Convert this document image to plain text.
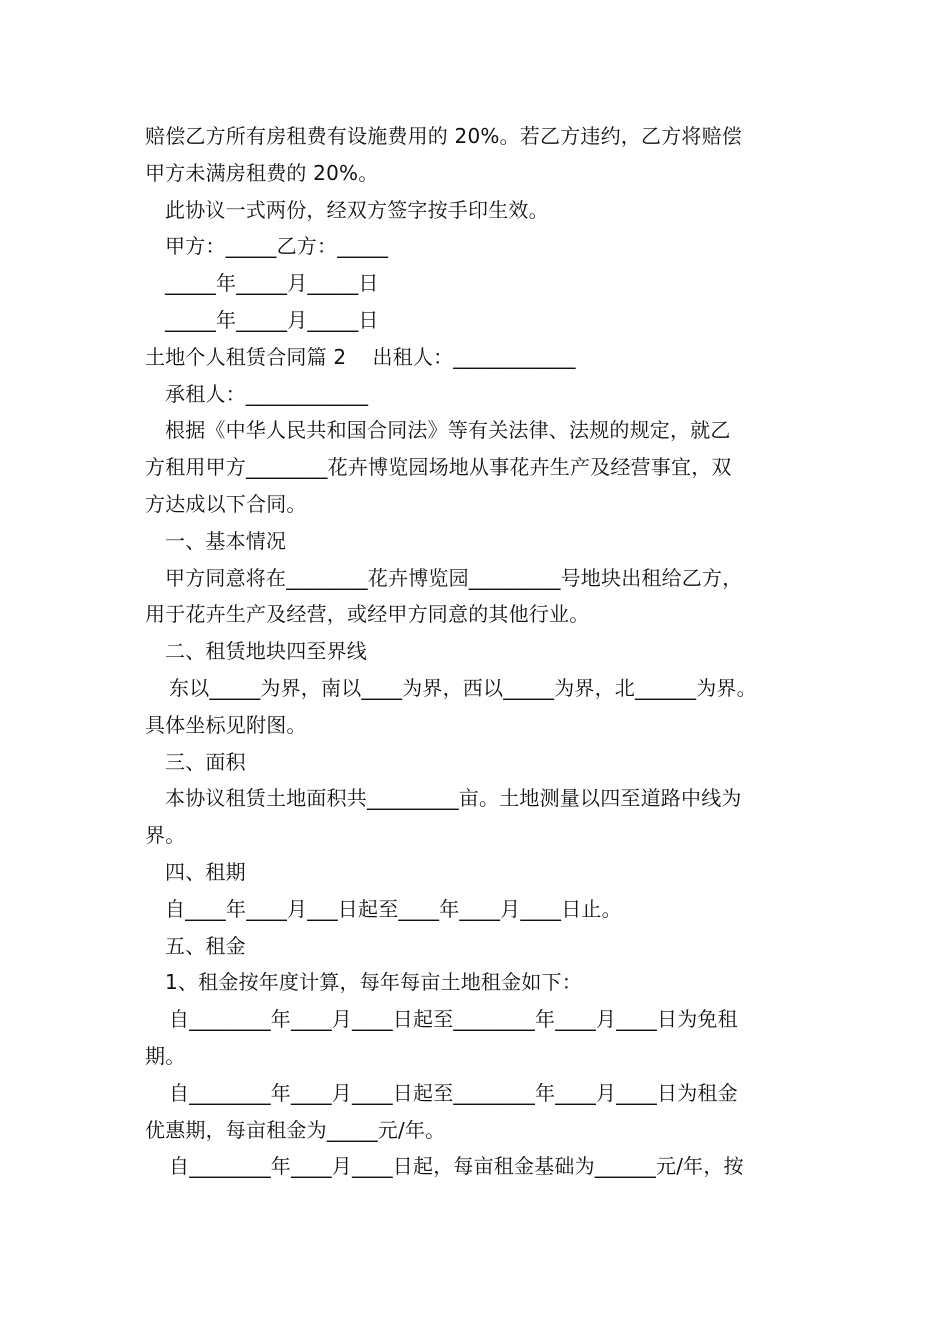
赔偿乙方所有房租费有设施费用的 20%。若乙方违约，乙方将赔偿
甲方未满房租费的 20%。
此协议一式两份，经双方签字按手印生效。
甲方：_____乙方：_____
_____年_____月_____日
_____年_____月_____日
土地个人租赁合同篇 2    出租人：____________
承租人：____________
根据《中华人民共和国合同法》等有关法律、法规的规定，就乙
方租用甲方________花卉博览园场地从事花卉生产及经营事宜，双
方达成以下合同。
一、基本情况
甲方同意将在________花卉博览园_________号地块出租给乙方，
用于花卉生产及经营，或经甲方同意的其他行业。
二、租赁地块四至界线
东以_____为界，南以____为界，西以_____为界，北______为界。
具体坐标见附图。
三、面积
本协议租赁土地面积共_________亩。土地测量以四至道路中线为
界。
四、租期
自____年____月___日起至____年____月____日止。
五、租金
1、租金按年度计算，每年每亩土地租金如下：
自________年____月____日起至________年____月____日为免租
期。
自________年____月____日起至________年____月____日为租金
优惠期，每亩租金为_____元/年。
自________年____月____日起，每亩租金基础为______元/年，按
